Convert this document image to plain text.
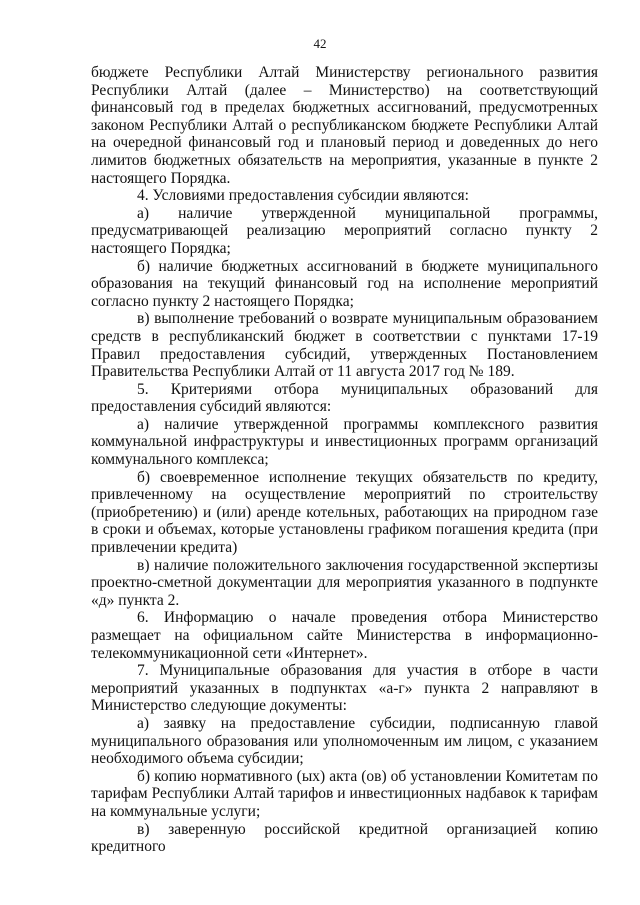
42

бюджете Республики Алтай Министерству регионального развития Республики Алтай (далее – Министерство) на соответствующий финансовый год в пределах бюджетных ассигнований, предусмотренных законом Республики Алтай о республиканском бюджете Республики Алтай на очередной финансовый год и плановый период и доведенных до него лимитов бюджетных обязательств на мероприятия, указанные в пункте 2 настоящего Порядка.

4. Условиями предоставления субсидии являются:

а) наличие утвержденной муниципальной программы, предусматривающей реализацию мероприятий согласно пункту 2 настоящего Порядка;

б) наличие бюджетных ассигнований в бюджете муниципального образования на текущий финансовый год на исполнение мероприятий согласно пункту 2 настоящего Порядка;

в) выполнение требований о возврате муниципальным образованием средств в республиканский бюджет в соответствии с пунктами 17-19 Правил предоставления субсидий, утвержденных Постановлением Правительства Республики Алтай от 11 августа 2017 год № 189.

5. Критериями отбора муниципальных образований для предоставления субсидий являются:

а) наличие утвержденной программы комплексного развития коммунальной инфраструктуры и инвестиционных программ организаций коммунального комплекса;

б) своевременное исполнение текущих обязательств по кредиту, привлеченному на осуществление мероприятий по строительству (приобретению) и (или) аренде котельных, работающих на природном газе в сроки и объемах, которые установлены графиком погашения кредита (при привлечении кредита)

в) наличие положительного заключения государственной экспертизы проектно-сметной документации для мероприятия указанного в подпункте «д» пункта 2.

6. Информацию о начале проведения отбора Министерство размещает на официальном сайте Министерства в информационно-телекоммуникационной сети «Интернет».

7. Муниципальные образования для участия в отборе в части мероприятий указанных в подпунктах «а-г» пункта 2 направляют в Министерство следующие документы:

а) заявку на предоставление субсидии, подписанную главой муниципального образования или уполномоченным им лицом, с указанием необходимого объема субсидии;

б) копию нормативного (ых) акта (ов) об установлении Комитетам по тарифам Республики Алтай тарифов и инвестиционных надбавок к тарифам на коммунальные услуги;

в) заверенную российской кредитной организацией копию кредитного
